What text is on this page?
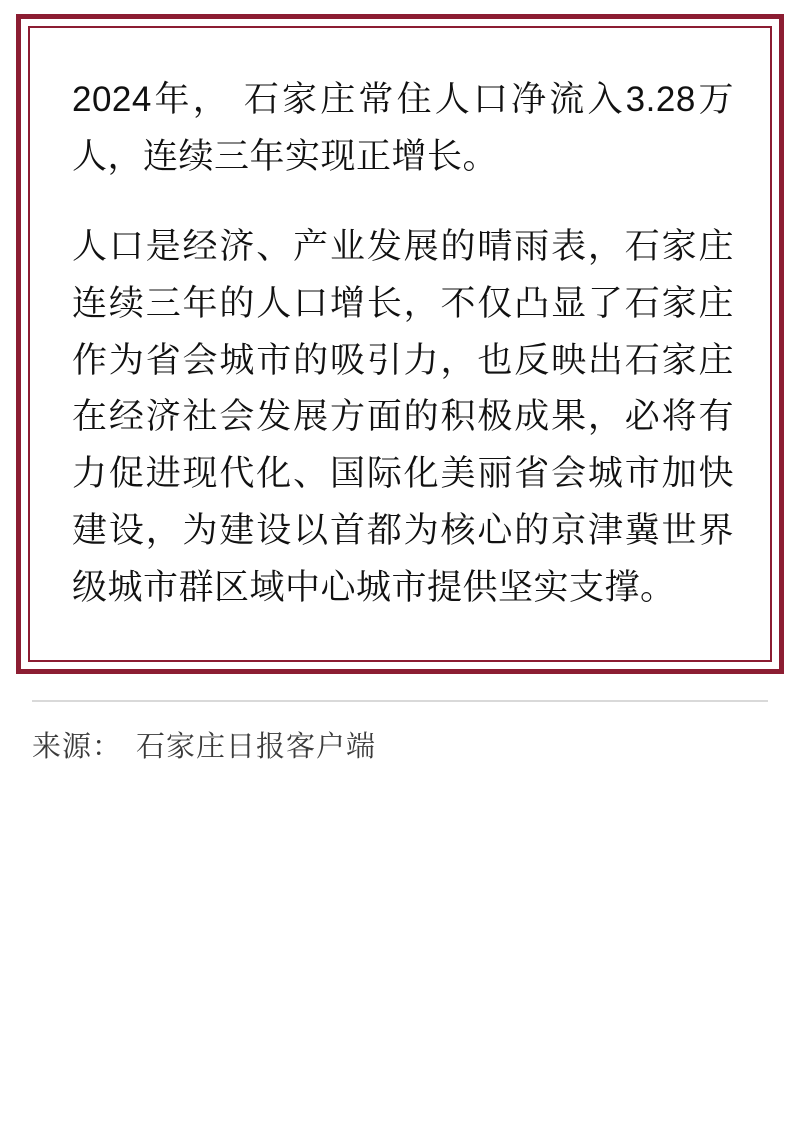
2024年， 石家庄常住人口净流入3.28万人，连续三年实现正增长。

人口是经济、产业发展的晴雨表，石家庄连续三年的人口增长，不仅凸显了石家庄作为省会城市的吸引力，也反映出石家庄在经济社会发展方面的积极成果，必将有力促进现代化、国际化美丽省会城市加快建设，为建设以首都为核心的京津冀世界级城市群区域中心城市提供坚实支撑。

来源： 石家庄日报客户端
